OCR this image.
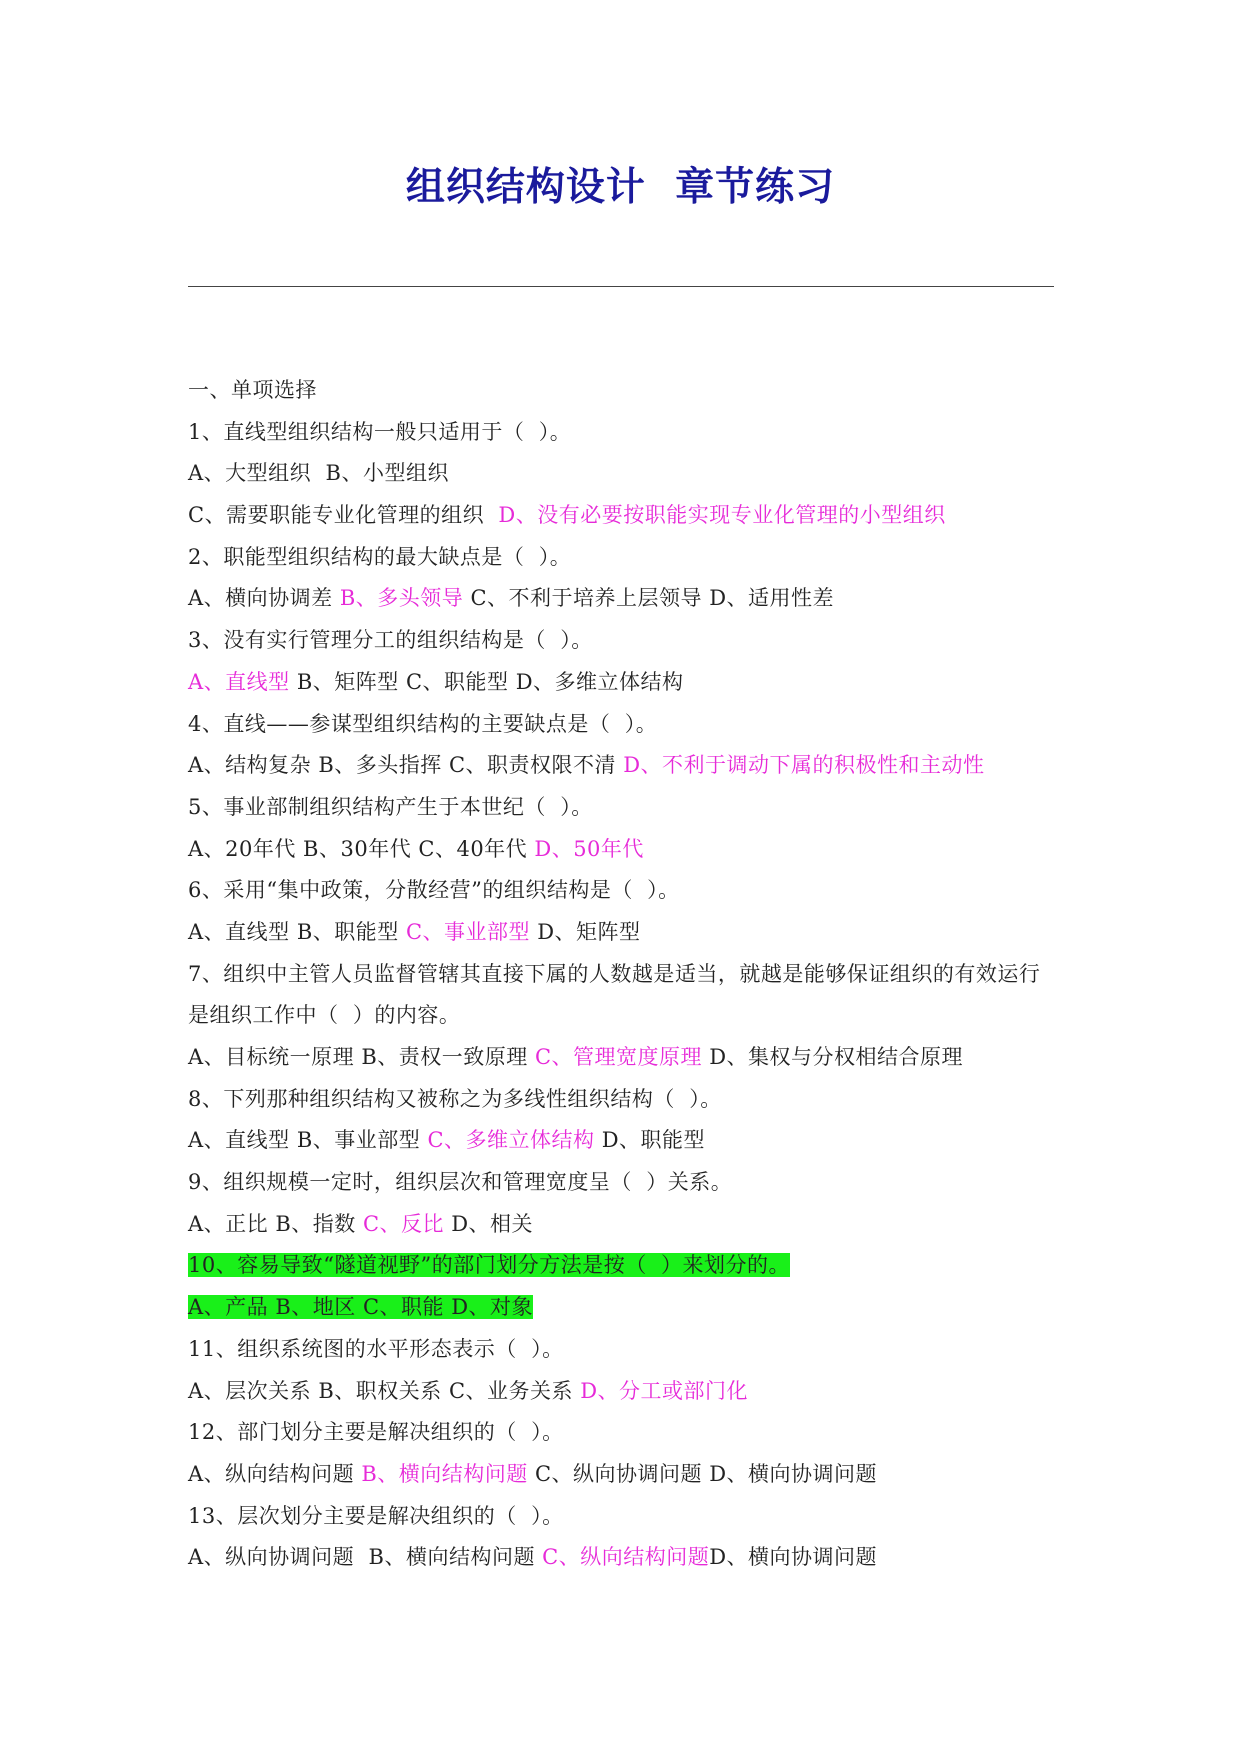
组织结构设计  章节练习
一、单项选择
1、直线型组织结构一般只适用于（  ）。
A、大型组织  B、小型组织
C、需要职能专业化管理的组织  D、没有必要按职能实现专业化管理的小型组织
2、职能型组织结构的最大缺点是（  ）。
A、横向协调差 B、多头领导 C、不利于培养上层领导 D、适用性差
3、没有实行管理分工的组织结构是（  ）。
A、直线型 B、矩阵型 C、职能型 D、多维立体结构
4、直线——参谋型组织结构的主要缺点是（  ）。
A、结构复杂 B、多头指挥 C、职责权限不清 D、不利于调动下属的积极性和主动性
5、事业部制组织结构产生于本世纪（  ）。
A、20年代 B、30年代 C、40年代 D、50年代
6、采用“集中政策，分散经营”的组织结构是（  ）。
A、直线型 B、职能型 C、事业部型 D、矩阵型
7、组织中主管人员监督管辖其直接下属的人数越是适当，就越是能够保证组织的有效运行
是组织工作中（  ）的内容。
A、目标统一原理 B、责权一致原理 C、管理宽度原理 D、集权与分权相结合原理
8、下列那种组织结构又被称之为多线性组织结构（  ）。
A、直线型 B、事业部型 C、多维立体结构 D、职能型
9、组织规模一定时，组织层次和管理宽度呈（  ）关系。
A、正比 B、指数 C、反比 D、相关
10、容易导致“隧道视野”的部门划分方法是按（  ）来划分的。
A、产品 B、地区 C、职能 D、对象
11、组织系统图的水平形态表示（  ）。
A、层次关系 B、职权关系 C、业务关系 D、分工或部门化
12、部门划分主要是解决组织的（  ）。
A、纵向结构问题 B、横向结构问题 C、纵向协调问题 D、横向协调问题
13、层次划分主要是解决组织的（  ）。
A、纵向协调问题  B、横向结构问题 C、纵向结构问题D、横向协调问题
